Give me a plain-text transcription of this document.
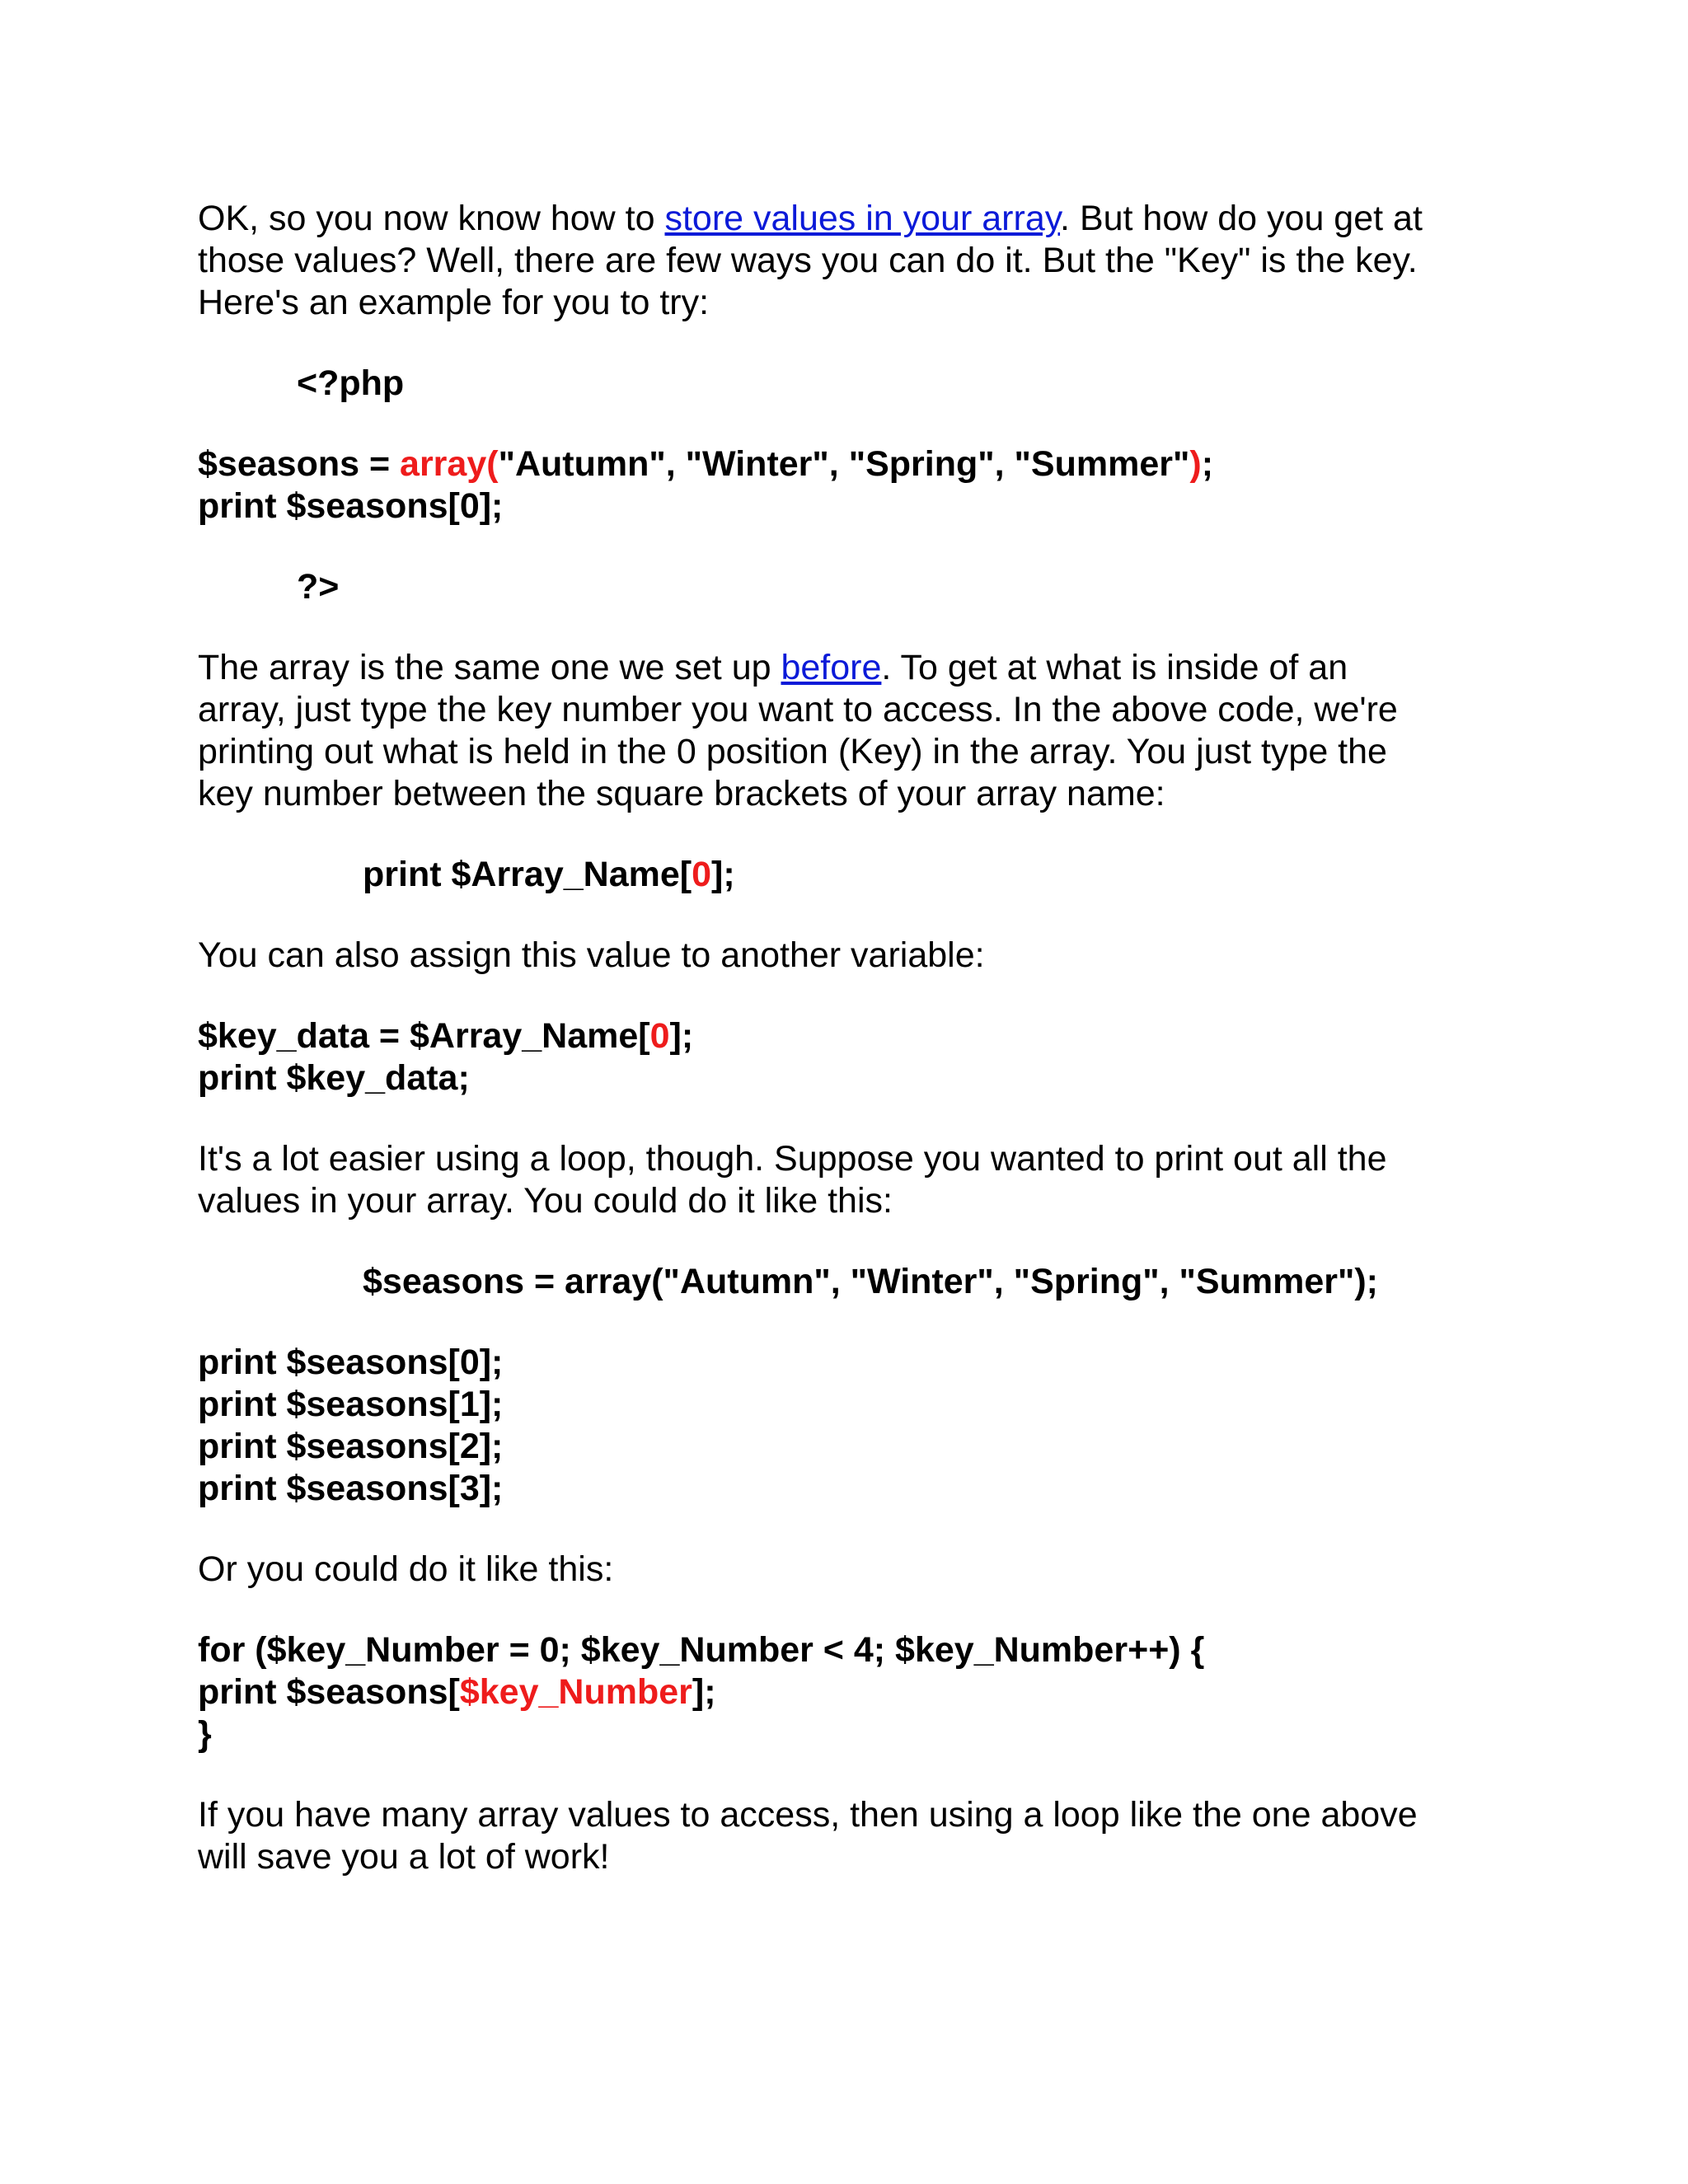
OK, so you now know how to store values in your array. But how do you get at
those values? Well, there are few ways you can do it. But the "Key" is the key.
Here's an example for you to try:
<?php
$seasons = array("Autumn", "Winter", "Spring", "Summer");
print $seasons[0];
?>
The array is the same one we set up before. To get at what is inside of an
array, just type the key number you want to access. In the above code, we're
printing out what is held in the 0 position (Key) in the array. You just type the
key number between the square brackets of your array name:
print $Array_Name[0];
You can also assign this value to another variable:
$key_data = $Array_Name[0];
print $key_data;
It's a lot easier using a loop, though. Suppose you wanted to print out all the
values in your array. You could do it like this:
$seasons = array("Autumn", "Winter", "Spring", "Summer");
print $seasons[0];
print $seasons[1];
print $seasons[2];
print $seasons[3];
Or you could do it like this:
for ($key_Number = 0; $key_Number < 4; $key_Number++) {
print $seasons[$key_Number];
}
If you have many array values to access, then using a loop like the one above
will save you a lot of work!
